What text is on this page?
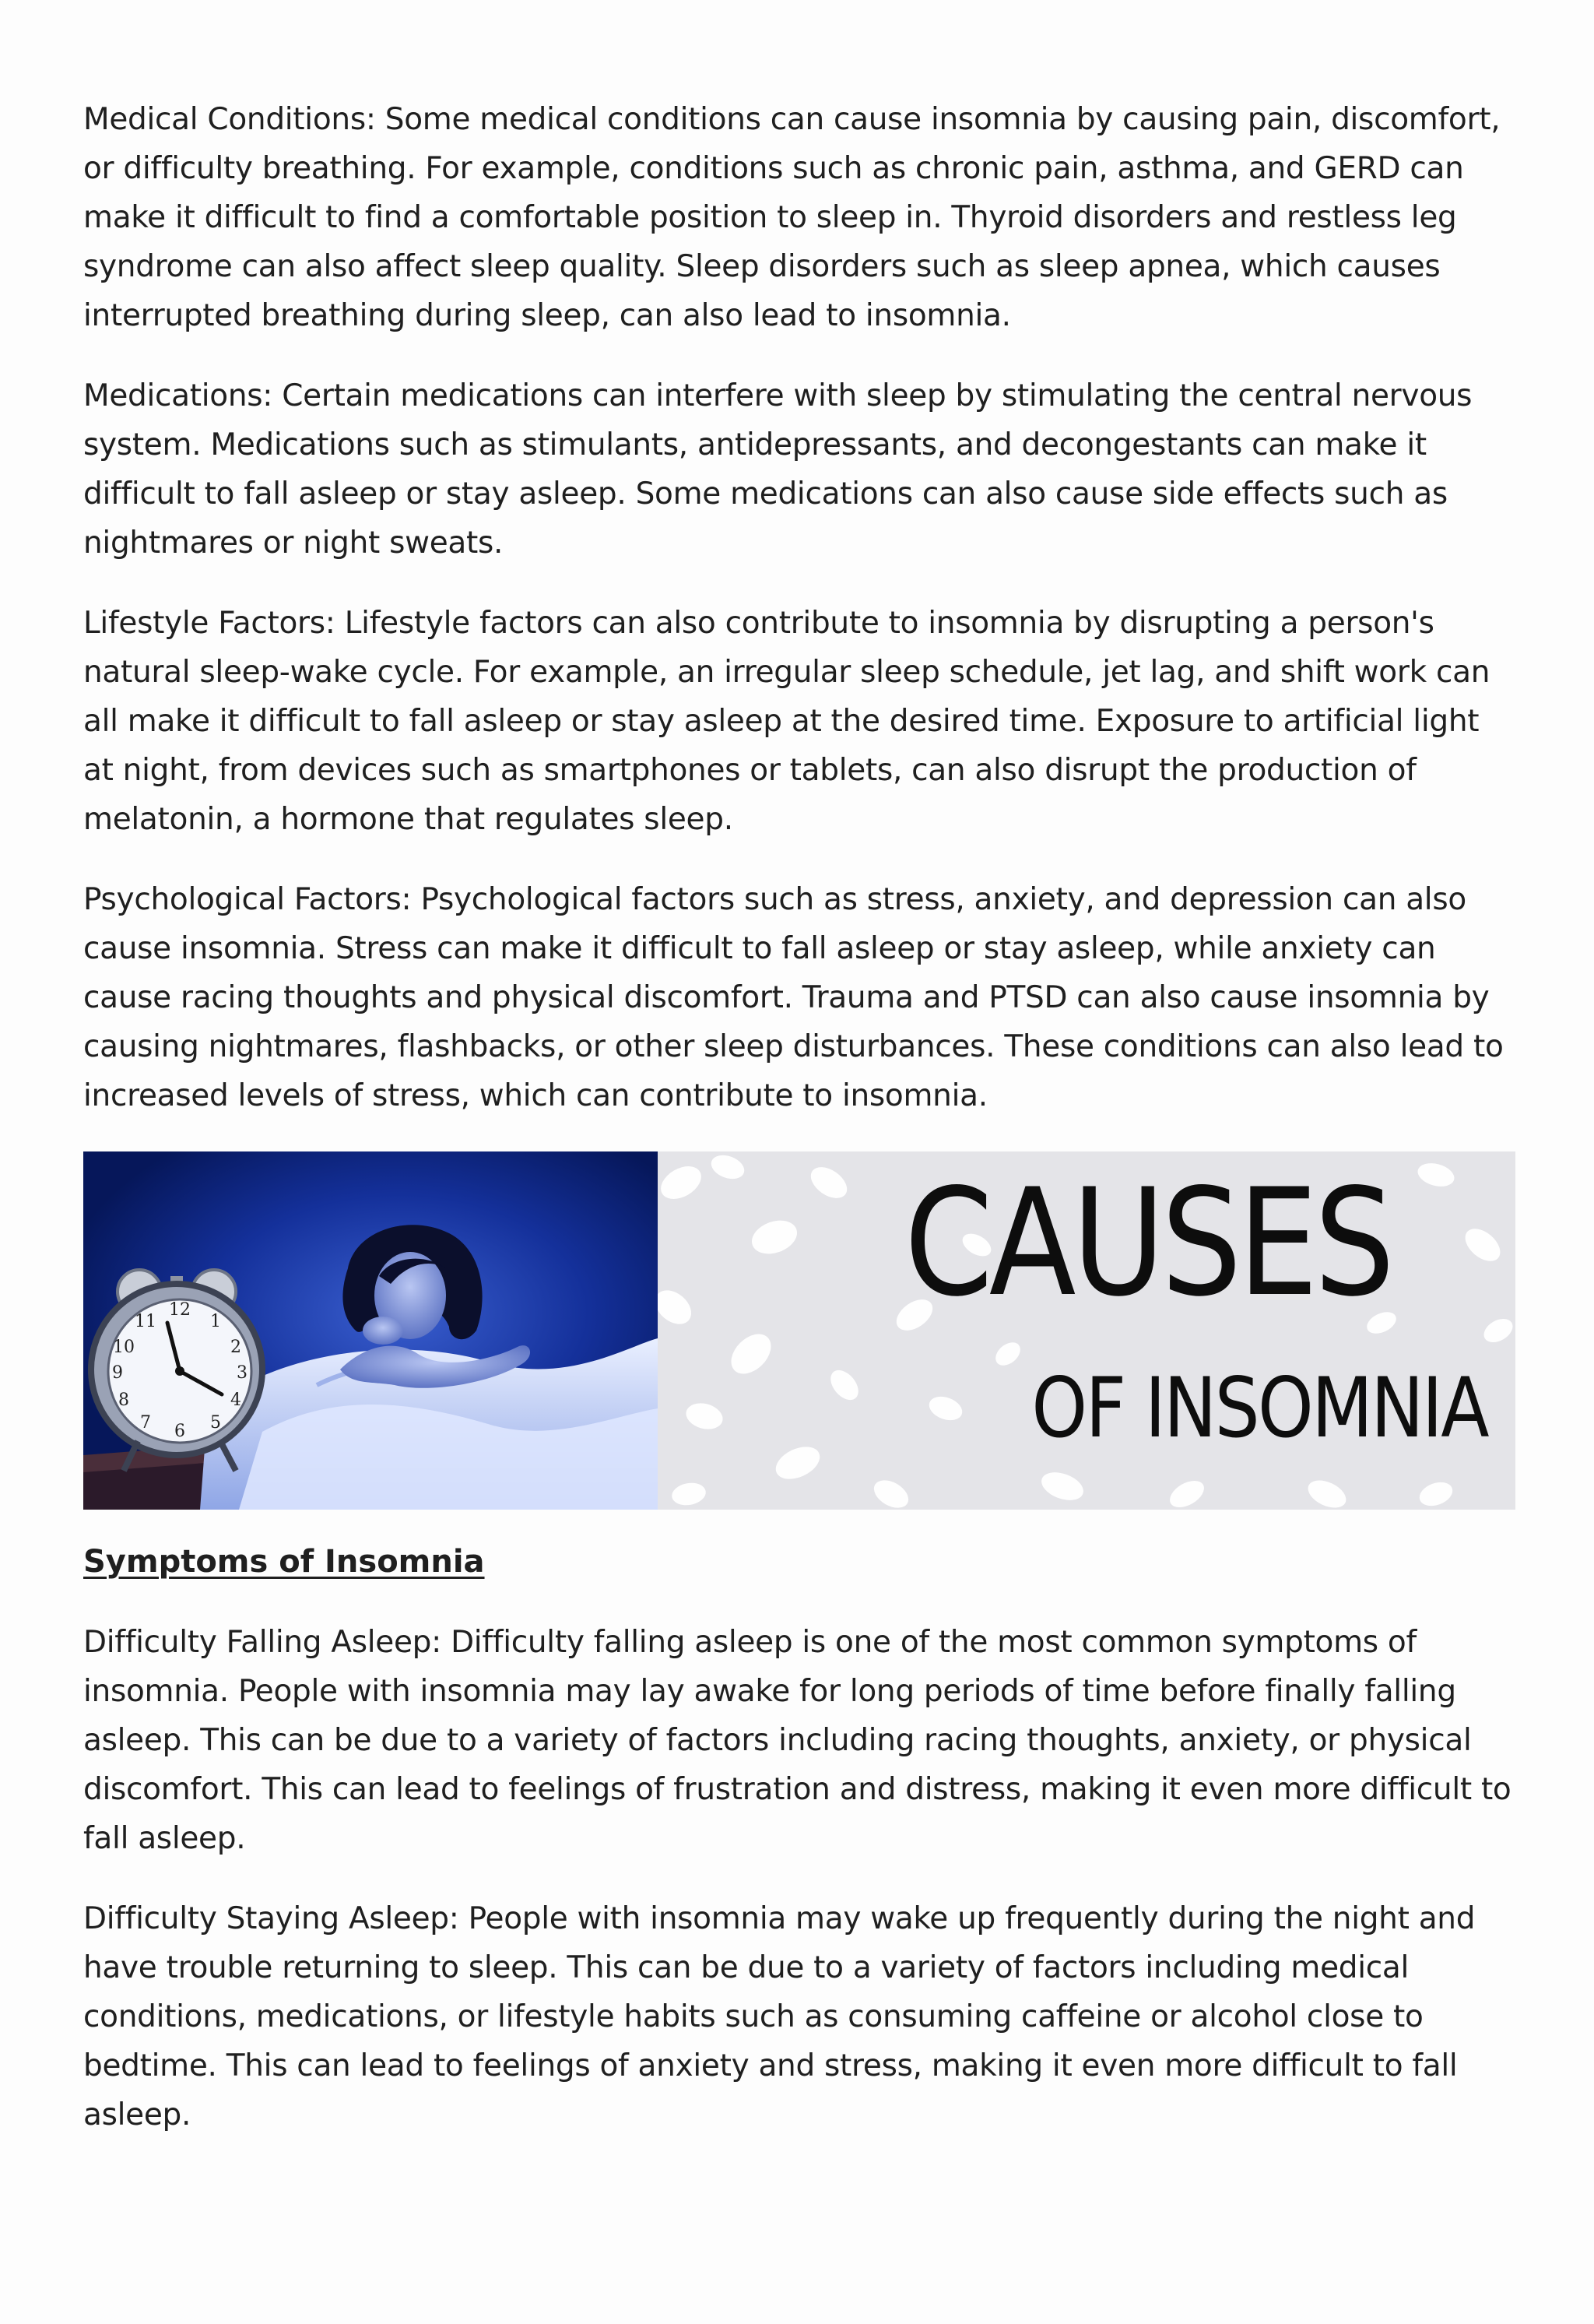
Medical Conditions: Some medical conditions can cause insomnia by causing pain, discomfort, or difficulty breathing. For example, conditions such as chronic pain, asthma, and GERD can make it difficult to find a comfortable position to sleep in. Thyroid disorders and restless leg syndrome can also affect sleep quality. Sleep disorders such as sleep apnea, which causes interrupted breathing during sleep, can also lead to insomnia.

Medications: Certain medications can interfere with sleep by stimulating the central nervous system. Medications such as stimulants, antidepressants, and decongestants can make it difficult to fall asleep or stay asleep. Some medications can also cause side effects such as nightmares or night sweats.

Lifestyle Factors: Lifestyle factors can also contribute to insomnia by disrupting a person's natural sleep-wake cycle. For example, an irregular sleep schedule, jet lag, and shift work can all make it difficult to fall asleep or stay asleep at the desired time. Exposure to artificial light at night, from devices such as smartphones or tablets, can also disrupt the production of melatonin, a hormone that regulates sleep.

Psychological Factors: Psychological factors such as stress, anxiety, and depression can also cause insomnia. Stress can make it difficult to fall asleep or stay asleep, while anxiety can cause racing thoughts and physical discomfort. Trauma and PTSD can also cause insomnia by causing nightmares, flashbacks, or other sleep disturbances. These conditions can also lead to increased levels of stress, which can contribute to insomnia.

12
1
2
3
4
5
6
7
8
9
10
11	CAUSES
OF INSOMNIA
Symptoms of Insomnia

Difficulty Falling Asleep: Difficulty falling asleep is one of the most common symptoms of insomnia. People with insomnia may lay awake for long periods of time before finally falling asleep. This can be due to a variety of factors including racing thoughts, anxiety, or physical discomfort. This can lead to feelings of frustration and distress, making it even more difficult to fall asleep.

Difficulty Staying Asleep: People with insomnia may wake up frequently during the night and have trouble returning to sleep. This can be due to a variety of factors including medical conditions, medications, or lifestyle habits such as consuming caffeine or alcohol close to bedtime. This can lead to feelings of anxiety and stress, making it even more difficult to fall asleep.
